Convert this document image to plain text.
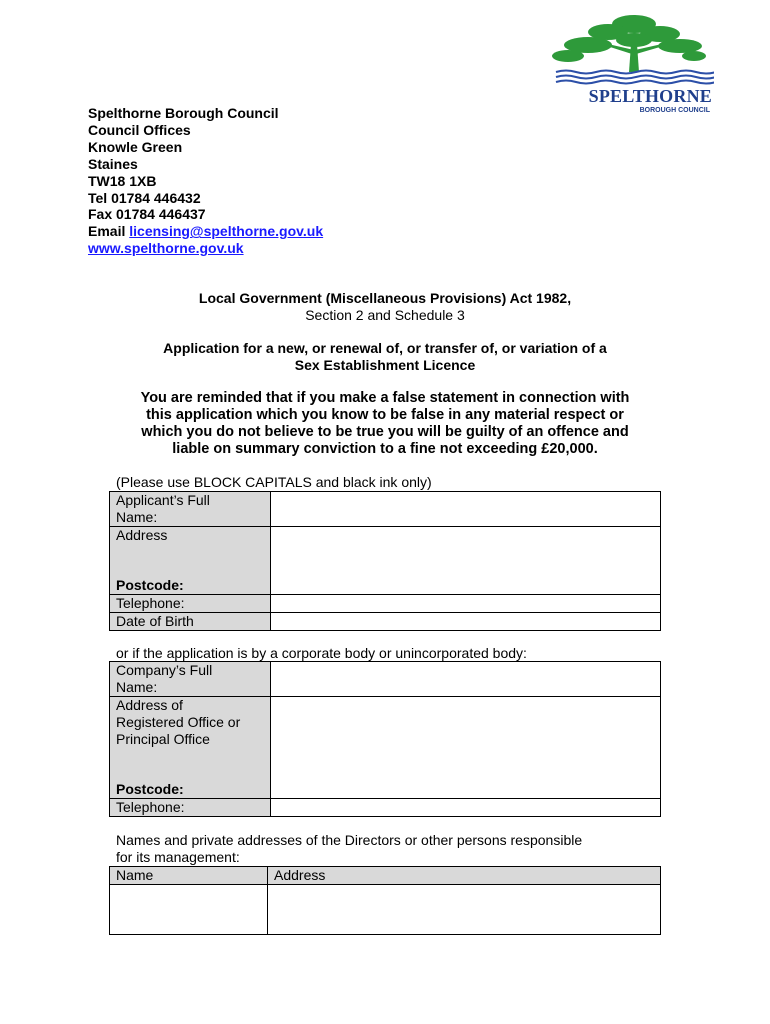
SPELTHORNE
BOROUGH COUNCIL
Spelthorne Borough Council
Council Offices
Knowle Green
Staines
TW18 1XB
Tel 01784 446432
Fax 01784 446437
Email licensing@spelthorne.gov.uk
www.spelthorne.gov.uk
Local Government (Miscellaneous Provisions) Act 1982,
Section 2 and Schedule 3
Application for a new, or renewal of, or transfer of, or variation of a
Sex Establishment Licence
You are reminded that if you make a false statement in connection with
this application which you know to be false in any material respect or
which you do not believe to be true you will be guilty of an offence and
liable on summary conviction to a fine not exceeding £20,000.
(Please use BLOCK CAPITALS and black ink only)
Applicant’s Full
Name:	

Address
Postcode:	

Telephone:	
Date of Birth	
or if the application is by a corporate body or unincorporated body:
Company’s Full
Name:	

Address of
Registered Office or
Principal Office
Postcode:	

Telephone:	
Names and private addresses of the Directors or other persons responsible
for its management:
Name	Address
